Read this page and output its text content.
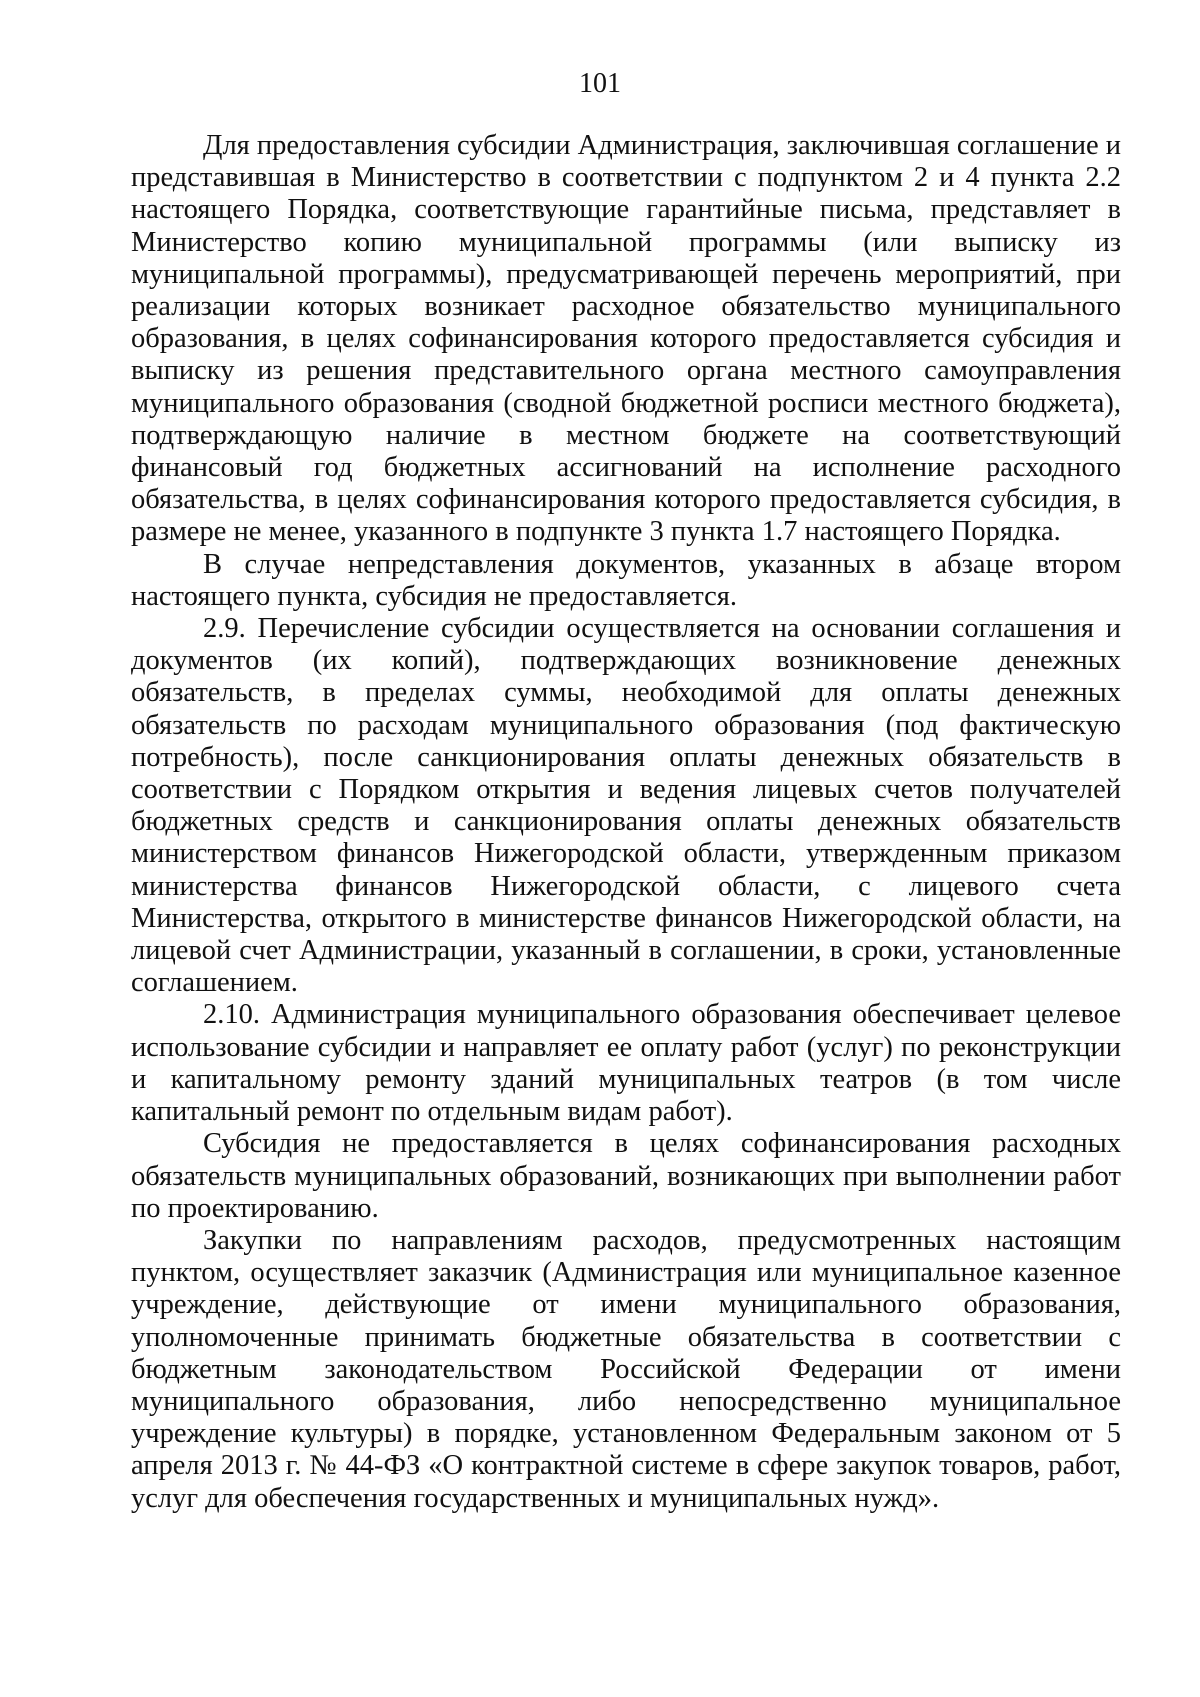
101

Для предоставления субсидии Администрация, заключившая соглашение и представившая в Министерство в соответствии с подпунктом 2 и 4 пункта 2.2 настоящего Порядка, соответствующие гарантийные письма, представляет в Министерство копию муниципальной программы (или выписку из муниципальной программы), предусматривающей перечень мероприятий, при реализации которых возникает расходное обязательство муниципального образования, в целях софинансирования которого предоставляется субсидия и выписку из решения представительного органа местного самоуправления муниципального образования (сводной бюджетной росписи местного бюджета), подтверждающую наличие в местном бюджете на соответствующий финансовый год бюджетных ассигнований на исполнение расходного обязательства, в целях софинансирования которого предоставляется субсидия, в размере не менее, указанного в подпункте 3 пункта 1.7 настоящего Порядка.

В случае непредставления документов, указанных в абзаце втором настоящего пункта, субсидия не предоставляется.

2.9. Перечисление субсидии осуществляется на основании соглашения и документов (их копий), подтверждающих возникновение денежных обязательств, в пределах суммы, необходимой для оплаты денежных обязательств по расходам муниципального образования (под фактическую потребность), после санкционирования оплаты денежных обязательств в соответствии с Порядком открытия и ведения лицевых счетов получателей бюджетных средств и санкционирования оплаты денежных обязательств министерством финансов Нижегородской области, утвержденным приказом министерства финансов Нижегородской области, с лицевого счета Министерства, открытого в министерстве финансов Нижегородской области, на лицевой счет Администрации, указанный в соглашении, в сроки, установленные соглашением.

2.10. Администрация муниципального образования обеспечивает целевое использование субсидии и направляет ее оплату работ (услуг) по реконструкции и капитальному ремонту зданий муниципальных театров (в том числе капитальный ремонт по отдельным видам работ).

Субсидия не предоставляется в целях софинансирования расходных обязательств муниципальных образований, возникающих при выполнении работ по проектированию.

Закупки по направлениям расходов, предусмотренных настоящим пунктом, осуществляет заказчик (Администрация или муниципальное казенное учреждение, действующие от имени муниципального образования, уполномоченные принимать бюджетные обязательства в соответствии с бюджетным законодательством Российской Федерации от имени муниципального образования, либо непосредственно муниципальное учреждение культуры) в порядке, установленном Федеральным законом от 5 апреля 2013 г. № 44-ФЗ «О контрактной системе в сфере закупок товаров, работ, услуг для обеспечения государственных и муниципальных нужд».
